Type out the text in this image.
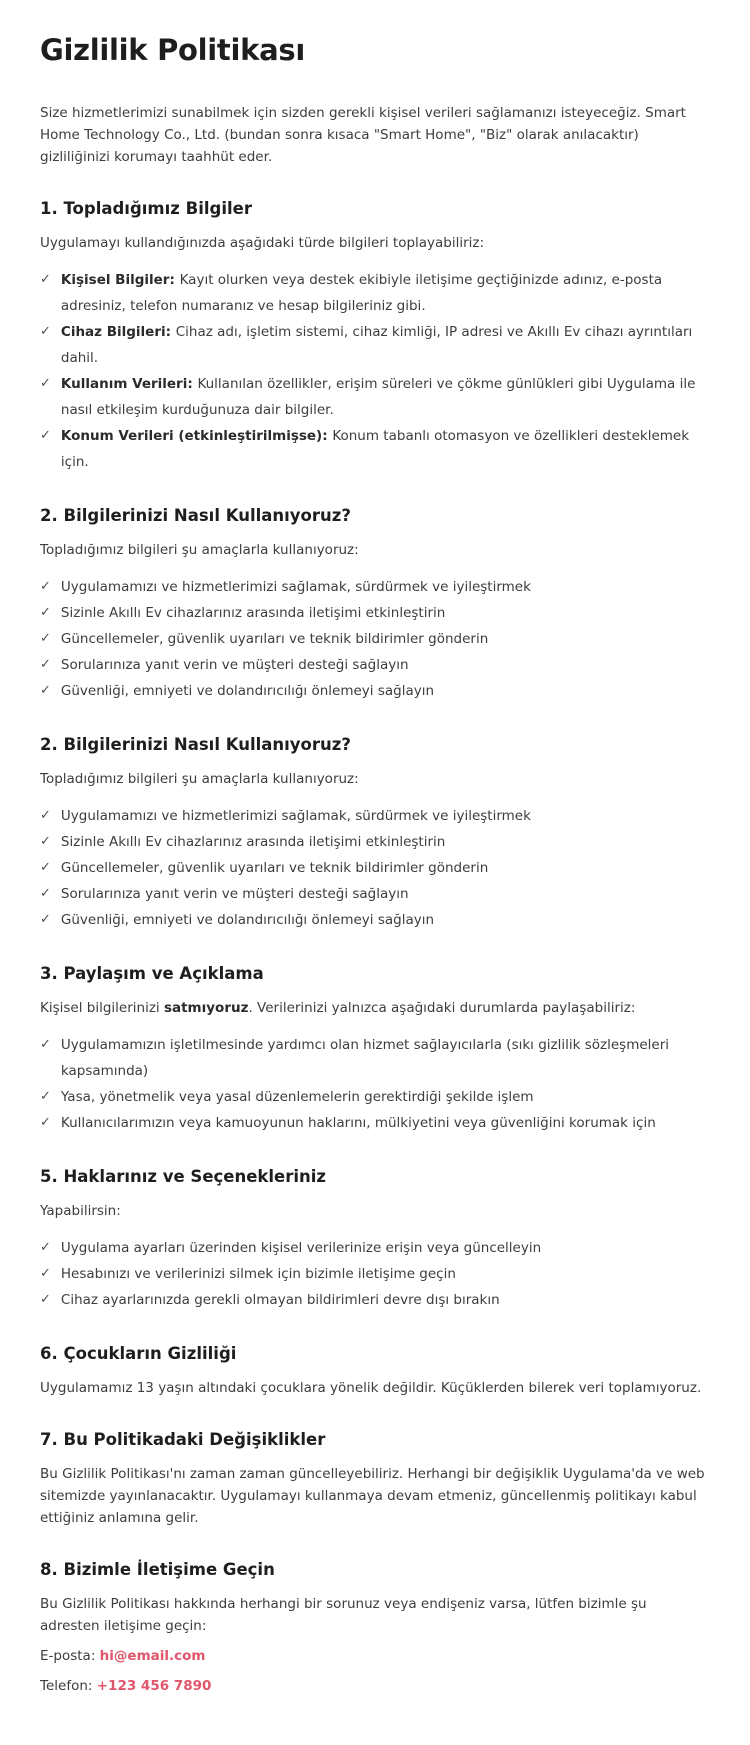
Gizlilik Politikası

Size hizmetlerimizi sunabilmek için sizden gerekli kişisel verileri sağlamanızı isteyeceğiz. Smart Home Technology Co., Ltd. (bundan sonra kısaca "Smart Home", "Biz" olarak anılacaktır) gizliliğinizi korumayı taahhüt eder.

1. Topladığımız Bilgiler

Uygulamayı kullandığınızda aşağıdaki türde bilgileri toplayabiliriz:

✓ Kişisel Bilgiler: Kayıt olurken veya destek ekibiyle iletişime geçtiğinizde adınız, e-posta adresiniz, telefon numaranız ve hesap bilgileriniz gibi.
✓ Cihaz Bilgileri: Cihaz adı, işletim sistemi, cihaz kimliği, IP adresi ve Akıllı Ev cihazı ayrıntıları dahil.
✓ Kullanım Verileri: Kullanılan özellikler, erişim süreleri ve çökme günlükleri gibi Uygulama ile nasıl etkileşim kurduğunuza dair bilgiler.
✓ Konum Verileri (etkinleştirilmişse): Konum tabanlı otomasyon ve özellikleri desteklemek için.
2. Bilgilerinizi Nasıl Kullanıyoruz?

Topladığımız bilgileri şu amaçlarla kullanıyoruz:

✓ Uygulamamızı ve hizmetlerimizi sağlamak, sürdürmek ve iyileştirmek
✓ Sizinle Akıllı Ev cihazlarınız arasında iletişimi etkinleştirin
✓ Güncellemeler, güvenlik uyarıları ve teknik bildirimler gönderin
✓ Sorularınıza yanıt verin ve müşteri desteği sağlayın
✓ Güvenliği, emniyeti ve dolandırıcılığı önlemeyi sağlayın
2. Bilgilerinizi Nasıl Kullanıyoruz?

Topladığımız bilgileri şu amaçlarla kullanıyoruz:

✓ Uygulamamızı ve hizmetlerimizi sağlamak, sürdürmek ve iyileştirmek
✓ Sizinle Akıllı Ev cihazlarınız arasında iletişimi etkinleştirin
✓ Güncellemeler, güvenlik uyarıları ve teknik bildirimler gönderin
✓ Sorularınıza yanıt verin ve müşteri desteği sağlayın
✓ Güvenliği, emniyeti ve dolandırıcılığı önlemeyi sağlayın
3. Paylaşım ve Açıklama

Kişisel bilgilerinizi satmıyoruz. Verilerinizi yalnızca aşağıdaki durumlarda paylaşabiliriz:

✓ Uygulamamızın işletilmesinde yardımcı olan hizmet sağlayıcılarla (sıkı gizlilik sözleşmeleri kapsamında)
✓ Yasa, yönetmelik veya yasal düzenlemelerin gerektirdiği şekilde işlem
✓ Kullanıcılarımızın veya kamuoyunun haklarını, mülkiyetini veya güvenliğini korumak için
5. Haklarınız ve Seçenekleriniz

Yapabilirsin:

✓ Uygulama ayarları üzerinden kişisel verilerinize erişin veya güncelleyin
✓ Hesabınızı ve verilerinizi silmek için bizimle iletişime geçin
✓ Cihaz ayarlarınızda gerekli olmayan bildirimleri devre dışı bırakın
6. Çocukların Gizliliği

Uygulamamız 13 yaşın altındaki çocuklara yönelik değildir. Küçüklerden bilerek veri toplamıyoruz.

7. Bu Politikadaki Değişiklikler

Bu Gizlilik Politikası'nı zaman zaman güncelleyebiliriz. Herhangi bir değişiklik Uygulama'da ve web sitemizde yayınlanacaktır. Uygulamayı kullanmaya devam etmeniz, güncellenmiş politikayı kabul ettiğiniz anlamına gelir.

8. Bizimle İletişime Geçin

Bu Gizlilik Politikası hakkında herhangi bir sorunuz veya endişeniz varsa, lütfen bizimle şu adresten iletişime geçin:

E-posta: hi@email.com

Telefon: +123 456 7890
